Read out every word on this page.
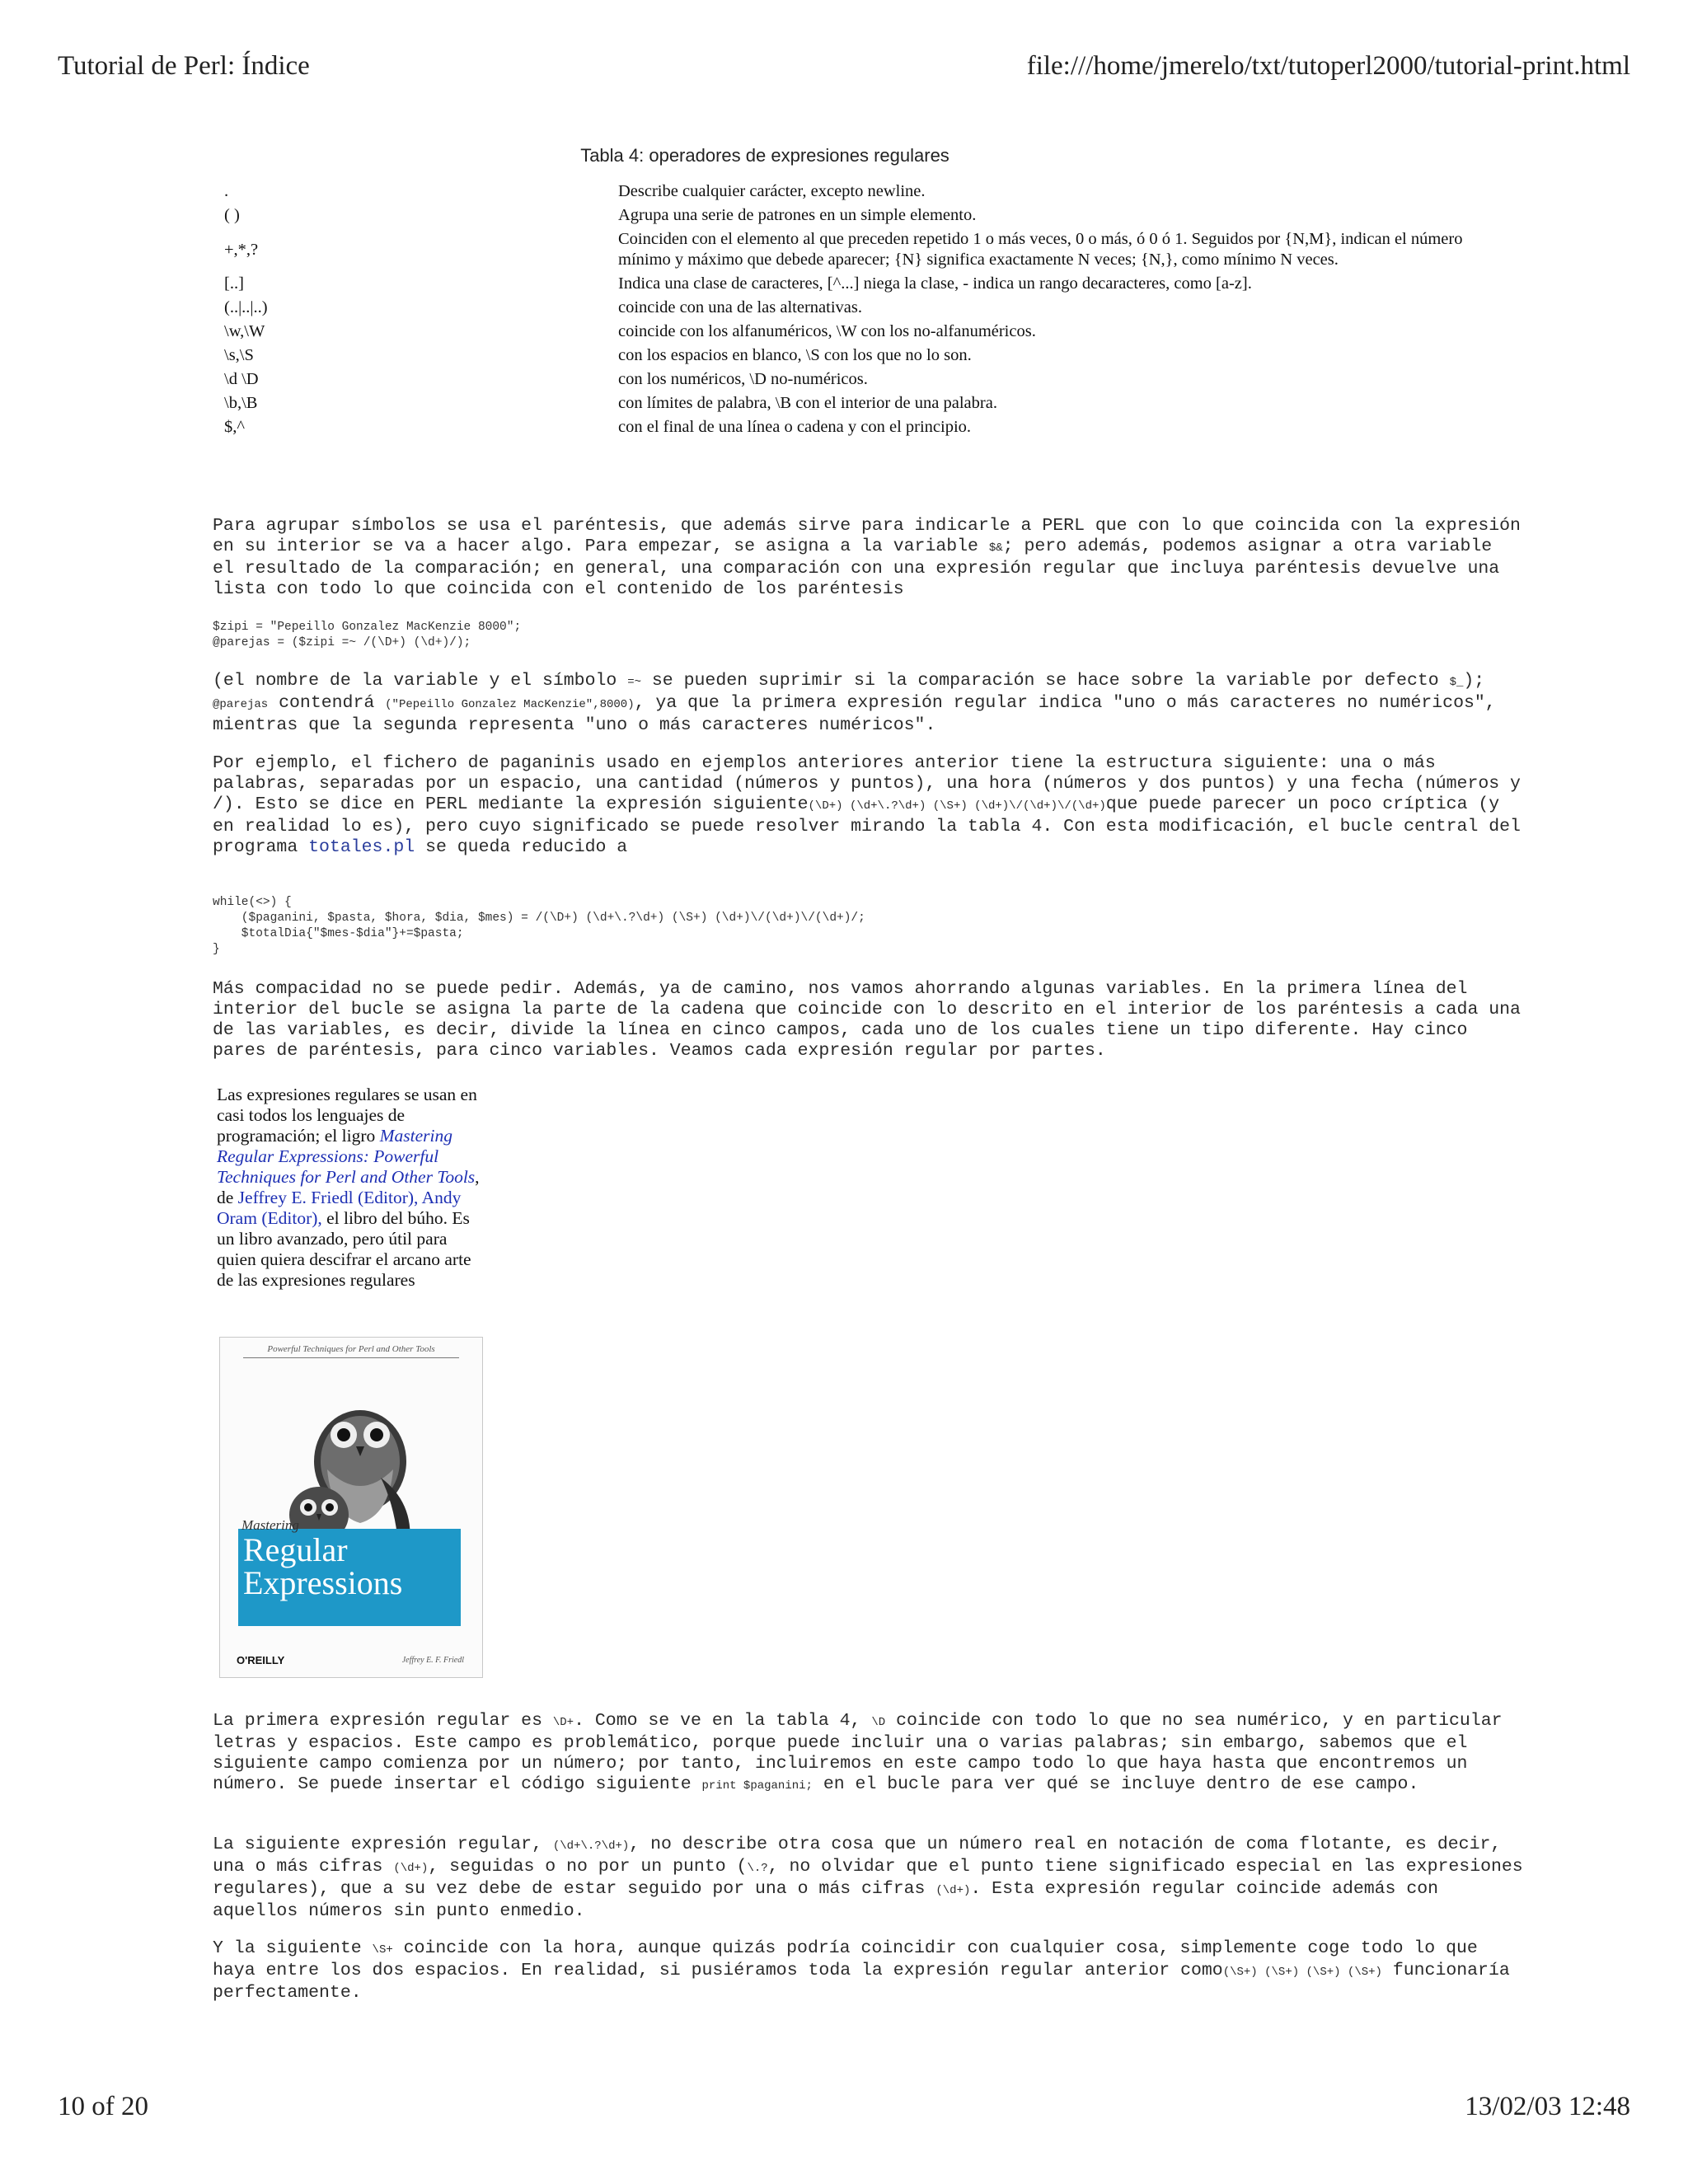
Tutorial de Perl: Índice	file:///home/jmerelo/txt/tutoperl2000/tutorial-print.html
Tabla 4: operadores de expresiones regulares
.	Describe cualquier carácter, excepto newline.
( )	Agrupa una serie de patrones en un simple elemento.
+,*,?	Coinciden con el elemento al que preceden repetido 1 o más veces, 0 o más, ó 0 ó 1. Seguidos por {N,M}, indican el número mínimo y máximo que debede aparecer; {N} significa exactamente N veces; {N,}, como mínimo N veces.
[..]	Indica una clase de caracteres, [^...] niega la clase, - indica un rango decaracteres, como [a-z].
(..|..|..)	coincide con una de las alternativas.
\w,\W	coincide con los alfanuméricos, \W con los no-alfanuméricos.
\s,\S	con los espacios en blanco, \S con los que no lo son.
\d \D	con los numéricos, \D no-numéricos.
\b,\B	con límites de palabra, \B con el interior de una palabra.
$,^	con el final de una línea o cadena y con el principio.

Para agrupar símbolos se usa el paréntesis, que además sirve para indicarle a PERL que con lo que coincida con la expresión en su interior se va a hacer algo. Para empezar, se asigna a la variable $&; pero además, podemos asignar a otra variable el resultado de la comparación; en general, una comparación con una expresión regular que incluya paréntesis devuelve una lista con todo lo que coincida con el contenido de los paréntesis

$zipi = "Pepeillo Gonzalez MacKenzie 8000";
@parejas = ($zipi =~ /(\D+) (\d+)/);

(el nombre de la variable y el símbolo =~ se pueden suprimir si la comparación se hace sobre la variable por defecto $_); @parejas contendrá ("Pepeillo Gonzalez MacKenzie",8000), ya que la primera expresión regular indica "uno o más caracteres no numéricos", mientras que la segunda representa "uno o más caracteres numéricos".

Por ejemplo, el fichero de paganinis usado en ejemplos anteriores anterior tiene la estructura siguiente: una o más palabras, separadas por un espacio, una cantidad (números y puntos), una hora (números y dos puntos) y una fecha (números y /). Esto se dice en PERL mediante la expresión siguiente(\D+) (\d+\.?\d+) (\S+) (\d+)\/(\d+)\/(\d+)que puede parecer un poco críptica (y en realidad lo es), pero cuyo significado se puede resolver mirando la tabla 4. Con esta modificación, el bucle central del programa totales.pl se queda reducido a

while(<>) {
($paganini, $pasta, $hora, $dia, $mes) = /(\D+) (\d+\.?\d+) (\S+) (\d+)\/(\d+)\/(\d+)/;
$totalDia{"$mes-$dia"}+=$pasta;
}

Más compacidad no se puede pedir. Además, ya de camino, nos vamos ahorrando algunas variables. En la primera línea del interior del bucle se asigna la parte de la cadena que coincide con lo descrito en el interior de los paréntesis a cada una de las variables, es decir, divide la línea en cinco campos, cada uno de los cuales tiene un tipo diferente. Hay cinco pares de paréntesis, para cinco variables. Veamos cada expresión regular por partes.

Las expresiones regulares se usan en casi todos los lenguajes de programación; el ligro Mastering Regular Expressions: Powerful Techniques for Perl and Other Tools, de Jeffrey E. Friedl (Editor), Andy Oram (Editor), el libro del búho. Es un libro avanzado, pero útil para quien quiera descifrar el arcano arte de las expresiones regulares
Powerful Techniques for Perl and Other Tools
Mastering
Regular
Expressions
O'REILLY	Jeffrey E. F. Friedl

La primera expresión regular es \D+. Como se ve en la tabla 4, \D coincide con todo lo que no sea numérico, y en particular letras y espacios. Este campo es problemático, porque puede incluir una o varias palabras; sin embargo, sabemos que el siguiente campo comienza por un número; por tanto, incluiremos en este campo todo lo que haya hasta que encontremos un número. Se puede insertar el código siguiente print $paganini; en el bucle para ver qué se incluye dentro de ese campo.

La siguiente expresión regular, (\d+\.?\d+), no describe otra cosa que un número real en notación de coma flotante, es decir, una o más cifras (\d+), seguidas o no por un punto (\.?, no olvidar que el punto tiene significado especial en las expresiones regulares), que a su vez debe de estar seguido por una o más cifras (\d+). Esta expresión regular coincide además con aquellos números sin punto enmedio.

Y la siguiente \S+ coincide con la hora, aunque quizás podría coincidir con cualquier cosa, simplemente coge todo lo que haya entre los dos espacios. En realidad, si pusiéramos toda la expresión regular anterior como(\S+) (\S+) (\S+) (\S+) funcionaría perfectamente.

10 of 20	13/02/03 12:48
